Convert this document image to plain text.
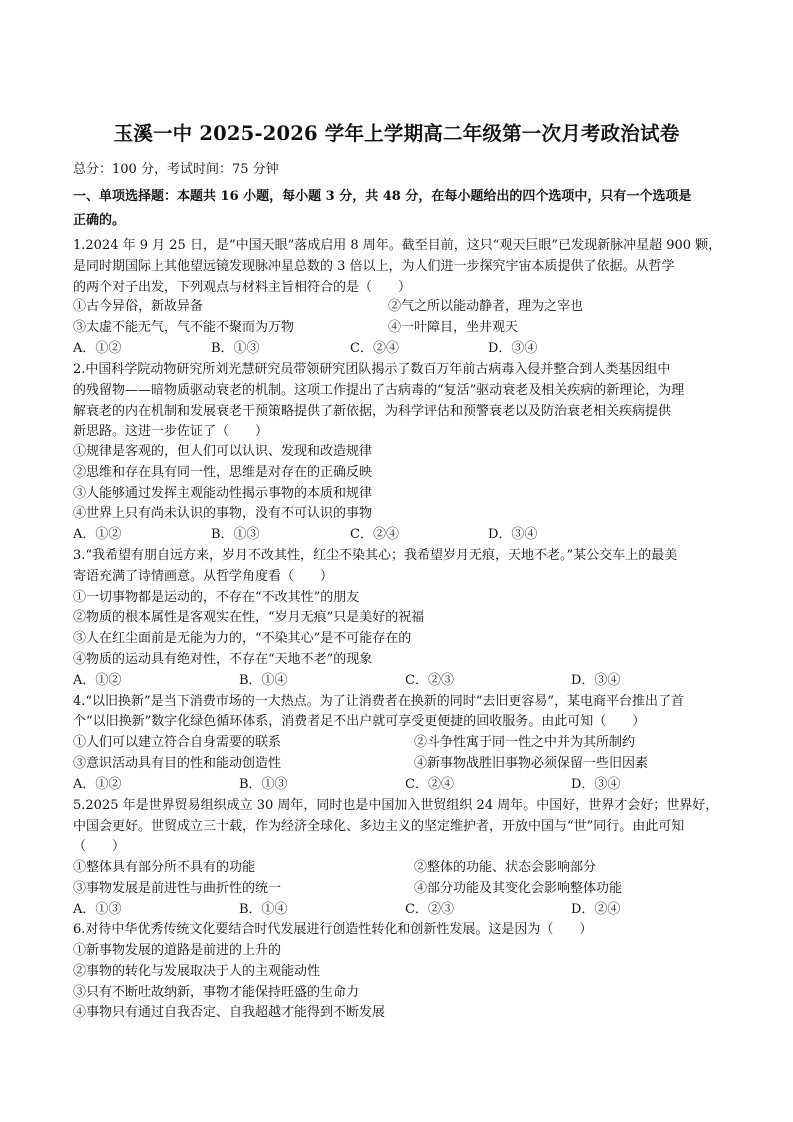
玉溪一中 2025-2026 学年上学期高二年级第一次月考政治试卷
总分：100 分，考试时间：75 分钟
一、单项选择题：本题共 16 小题，每小题 3 分，共 48 分，在每小题给出的四个选项中，只有一个选项是
正确的。
1.2024 年 9 月 25 日，是“中国天眼”落成启用 8 周年。截至目前，这只“观天巨眼”已发现新脉冲星超 900 颗，
是同时期国际上其他望远镜发现脉冲星总数的 3 倍以上，为人们进一步探究宇宙本质提供了依据。从哲学
的两个对子出发，下列观点与材料主旨相符合的是（　　）
①古今异俗，新故异备	②气之所以能动静者，理为之宰也
③太虚不能无气，气不能不聚而为万物	④一叶障目，坐井观天
A．①②	B．①③	C．②④	D．③④
2.中国科学院动物研究所刘光慧研究员带领研究团队揭示了数百万年前古病毒入侵并整合到人类基因组中
的残留物——暗物质驱动衰老的机制。这项工作提出了古病毒的“复活”驱动衰老及相关疾病的新理论，为理
解衰老的内在机制和发展衰老干预策略提供了新依据，为科学评估和预警衰老以及防治衰老相关疾病提供
新思路。这进一步佐证了（　　）
①规律是客观的，但人们可以认识、发现和改造规律
②思维和存在具有同一性，思维是对存在的正确反映
③人能够通过发挥主观能动性揭示事物的本质和规律
④世界上只有尚未认识的事物，没有不可认识的事物
A．①②	B．①③	C．②④	D．③④
3.“我希望有朋自远方来，岁月不改其性，红尘不染其心；我希望岁月无痕，天地不老。”某公交车上的最美
寄语充满了诗情画意。从哲学角度看（　　）
①一切事物都是运动的，不存在“不改其性”的朋友
②物质的根本属性是客观实在性，“岁月无痕”只是美好的祝福
③人在红尘面前是无能为力的，“不染其心”是不可能存在的
④物质的运动具有绝对性，不存在“天地不老”的现象
A．①②	B．①④	C．②③	D．③④
4.“以旧换新”是当下消费市场的一大热点。为了让消费者在换新的同时“去旧更容易”，某电商平台推出了首
个“以旧换新”数字化绿色循环体系，消费者足不出户就可享受更便捷的回收服务。由此可知（　　）
①人们可以建立符合自身需要的联系	②斗争性寓于同一性之中并为其所制约
③意识活动具有目的性和能动创造性	④新事物战胜旧事物必须保留一些旧因素
A．①②	B．①③	C．②④	D．③④
5.2025 年是世界贸易组织成立 30 周年，同时也是中国加入世贸组织 24 周年。中国好，世界才会好；世界好，
中国会更好。世贸成立三十载，作为经济全球化、多边主义的坚定维护者，开放中国与“世”同行。由此可知
（　　）
①整体具有部分所不具有的功能	②整体的功能、状态会影响部分
③事物发展是前进性与曲折性的统一	④部分功能及其变化会影响整体功能
A．①③	B．①④	C．②③	D．②④
6.对待中华优秀传统文化要结合时代发展进行创造性转化和创新性发展。这是因为（　　）
①新事物发展的道路是前进的上升的
②事物的转化与发展取决于人的主观能动性
③只有不断吐故纳新，事物才能保持旺盛的生命力
④事物只有通过自我否定、自我超越才能得到不断发展
